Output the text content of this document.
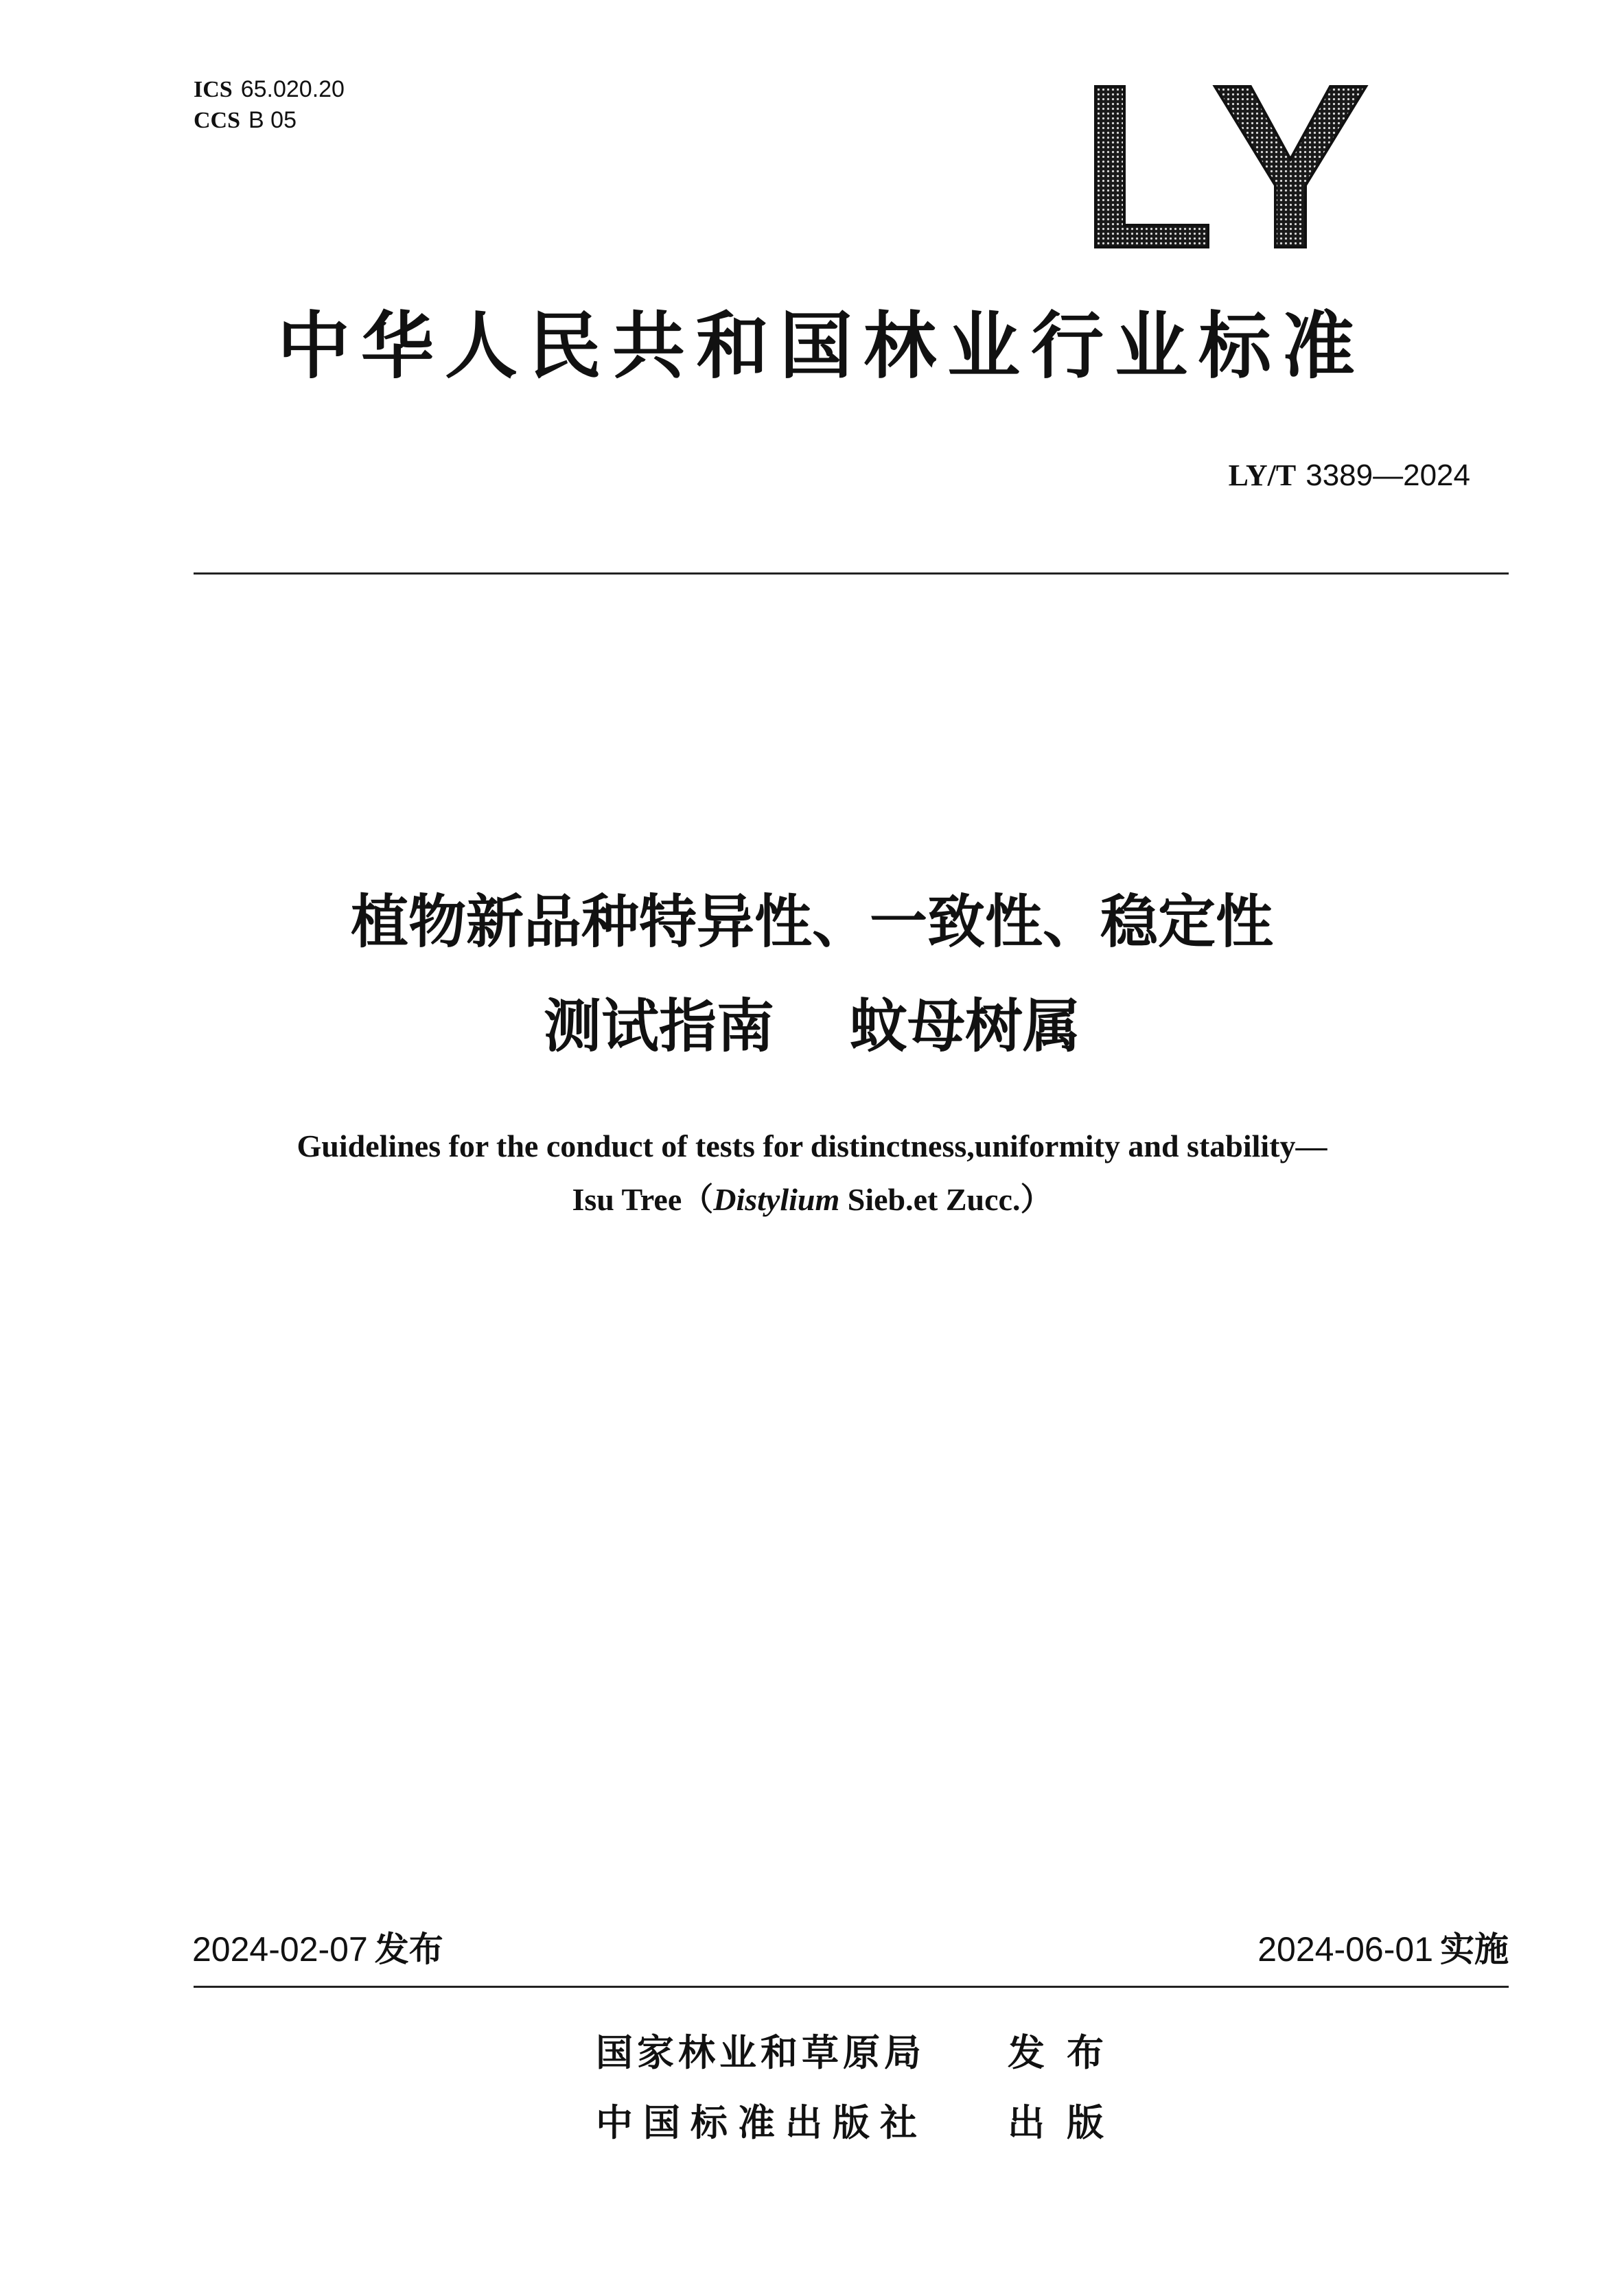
ICS 65.020.20
CCS B 05
中华人民共和国林业行业标准
LY/T 3389—2024
植物新品种特异性、一致性、稳定性
测试指南 蚊母树属
Guidelines for the conduct of tests for distinctness,uniformity and stability—
Isu Tree（Distylium Sieb.et Zucc.）
2024-02-07 发布	2024-06-01 实施
国家林业和草原局 发布
中国标准出版社 出版
